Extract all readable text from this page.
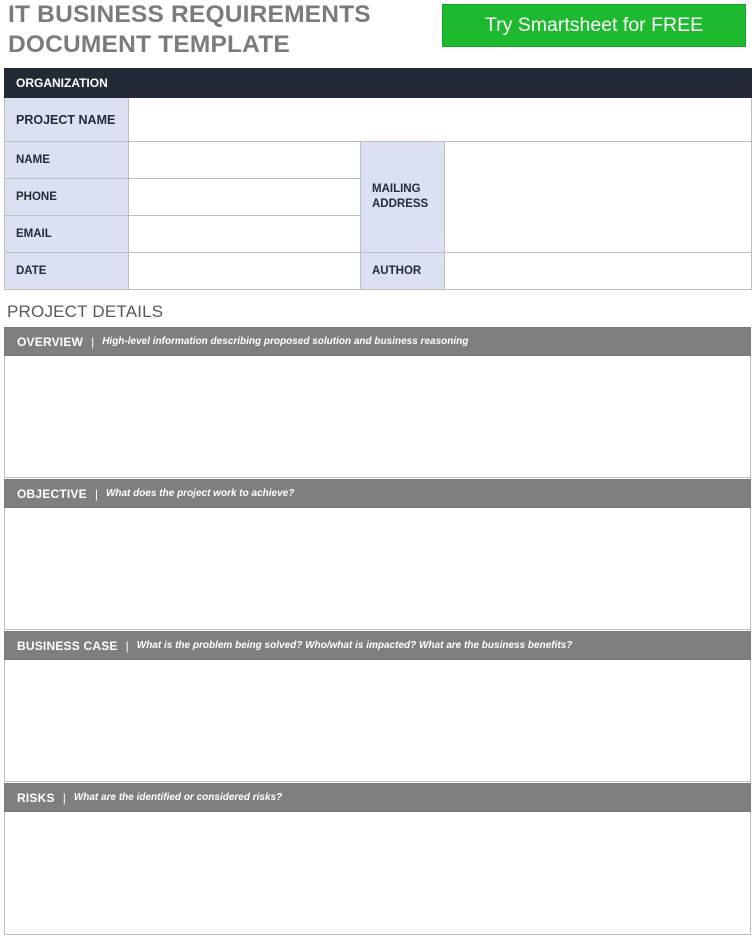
IT BUSINESS REQUIREMENTS
DOCUMENT TEMPLATE
Try Smartsheet for FREE
ORGANIZATION			
PROJECT NAME			
NAME		MAILING
ADDRESS	
PHONE			
EMAIL			
DATE		AUTHOR	
PROJECT DETAILS
OVERVIEW | High-level information describing proposed solution and business reasoning
OBJECTIVE | What does the project work to achieve?
BUSINESS CASE | What is the problem being solved? Who/what is impacted? What are the business benefits?
RISKS | What are the identified or considered risks?
